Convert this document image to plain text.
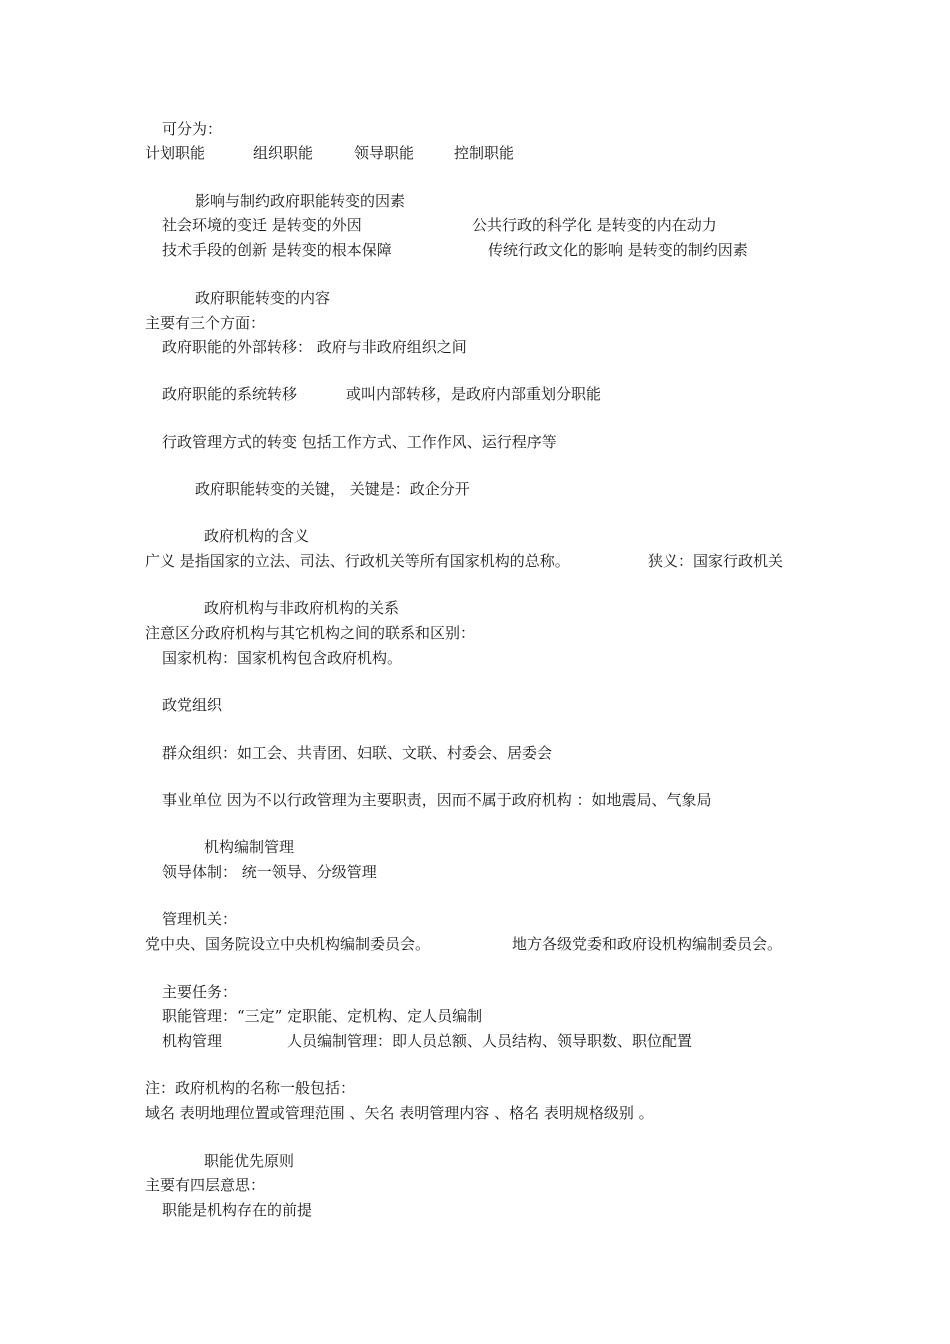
可分为：
计划职能	组织职能	领导职能	控制职能
影响与制约政府职能转变的因素
社会环境的变迁 是转变的外因	公共行政的科学化 是转变的内在动力
技术手段的创新 是转变的根本保障	传统行政文化的影响 是转变的制约因素
政府职能转变的内容
主要有三个方面：
政府职能的外部转移： 政府与非政府组织之间
政府职能的系统转移	或叫内部转移，是政府内部重划分职能
行政管理方式的转变 包括工作方式、工作作风、运行程序等
政府职能转变的关键， 关键是：政企分开
政府机构的含义
广义 是指国家的立法、司法、行政机关等所有国家机构的总称。	狭义：国家行政机关
政府机构与非政府机构的关系
注意区分政府机构与其它机构之间的联系和区别：
国家机构：国家机构包含政府机构。
政党组织
群众组织：如工会、共青团、妇联、文联、村委会、居委会
事业单位 因为不以行政管理为主要职责，因而不属于政府机构 ：如地震局、气象局
机构编制管理
领导体制： 统一领导、分级管理
管理机关：
党中央、国务院设立中央机构编制委员会。	地方各级党委和政府设机构编制委员会。
主要任务：
职能管理：“三定” 定职能、定机构、定人员编制
机构管理	人员编制管理：即人员总额、人员结构、领导职数、职位配置
注：政府机构的名称一般包括：
域名 表明地理位置或管理范围 、矢名 表明管理内容 、格名 表明规格级别 。
职能优先原则
主要有四层意思：
职能是机构存在的前提
